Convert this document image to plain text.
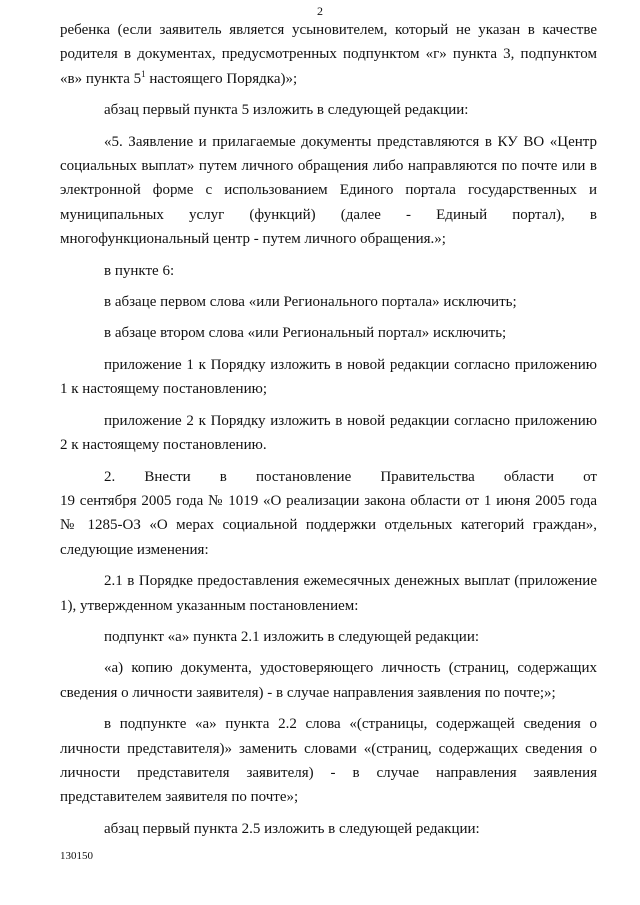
2

ребенка (если заявитель является усыновителем, который не указан в качестве родителя в документах, предусмотренных подпунктом «г» пункта 3, подпунктом «в» пункта $5^1$ настоящего Порядка)»;

абзац первый пункта 5 изложить в следующей редакции:

«5. Заявление и прилагаемые документы представляются в КУ ВО «Центр социальных выплат» путем личного обращения либо направляются по почте или в электронной форме с использованием Единого портала государственных и муниципальных услуг (функций) (далее - Единый портал), в многофункциональный центр - путем личного обращения.»;

в пункте 6:

в абзаце первом слова «или Регионального портала» исключить;

в абзаце втором слова «или Региональный портал» исключить;

приложение 1 к Порядку изложить в новой редакции согласно приложению 1 к настоящему постановлению;

приложение 2 к Порядку изложить в новой редакции согласно приложению 2 к настоящему постановлению.

2. Внести в постановление Правительства области от

19 сентября 2005 года № 1019 «О реализации закона области от 1 июня 2005 года № 1285-ОЗ «О мерах социальной поддержки отдельных категорий граждан», следующие изменения:

2.1 в Порядке предоставления ежемесячных денежных выплат (приложение 1), утвержденном указанным постановлением:

подпункт «а» пункта 2.1 изложить в следующей редакции:

«а) копию документа, удостоверяющего личность (страниц, содержащих сведения о личности заявителя) - в случае направления заявления по почте;»;

в подпункте «а» пункта 2.2 слова «(страницы, содержащей сведения о личности представителя)» заменить словами «(страниц, содержащих сведения о личности представителя заявителя) - в случае направления заявления представителем заявителя по почте»;

абзац первый пункта 2.5 изложить в следующей редакции:

130150
